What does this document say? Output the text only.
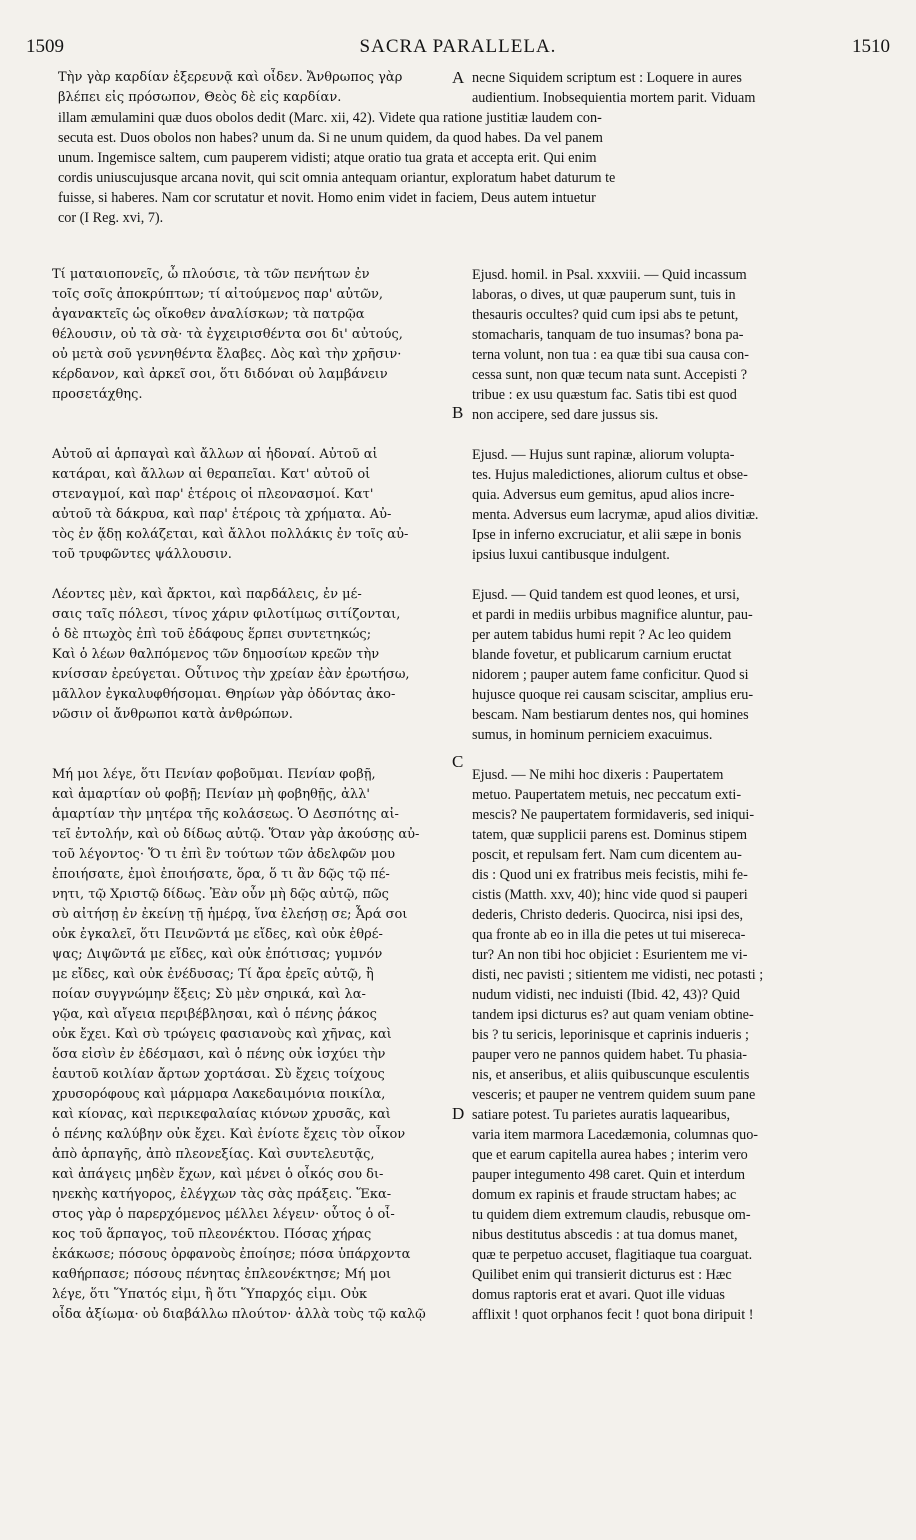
1509	SACRA PARALLELA.	1510
Τὴν γὰρ καρδίαν ἐξερευνᾷ καὶ οἶδεν. Ἄνθρωπος γὰρ	necne Siquidem scriptum est : Loquere in aures
βλέπει εἰς πρόσωπον, Θεὸς δὲ εἰς καρδίαν.	audientium. Inobsequientia mortem parit. Viduam
illam æmulamini quæ duos obolos dedit (Marc. xii, 42). Videte qua ratione justitiæ laudem con-
secuta est. Duos obolos non habes? unum da. Si ne unum quidem, da quod habes. Da vel panem
unum. Ingemisce saltem, cum pauperem vidisti; atque oratio tua grata et accepta erit. Qui enim
cordis uniuscujusque arcana novit, qui scit omnia antequam oriantur, exploratum habet daturum te
fuisse, si haberes. Nam cor scrutatur et novit. Homo enim videt in faciem, Deus autem intuetur
cor (I Reg. xvi, 7).
A
B
C
D
Τί ματαιοπονεῖς, ὦ πλούσιε, τὰ τῶν πενήτων ἐν
τοῖς σοῖς ἀποκρύπτων; τί αἰτούμενος παρ' αὐτῶν,
ἀγανακτεῖς ὡς οἴκοθεν ἀναλίσκων; τὰ πατρῷα
θέλουσιν, οὐ τὰ σὰ· τὰ ἐγχειρισθέντα σοι δι' αὐτούς,
οὐ μετὰ σοῦ γεννηθέντα ἔλαβες. Δὸς καὶ τὴν χρῆσιν·
κέρδανον, καὶ ἀρκεῖ σοι, ὅτι διδόναι οὐ λαμβάνειν
προσετάχθης.
Αὐτοῦ αἱ ἁρπαγαὶ καὶ ἄλλων αἱ ἡδοναί. Αὐτοῦ αἱ
κατάραι, καὶ ἄλλων αἱ θεραπεῖαι. Κατ' αὐτοῦ οἱ
στεναγμοί, καὶ παρ' ἑτέροις οἱ πλεονασμοί. Κατ'
αὐτοῦ τὰ δάκρυα, καὶ παρ' ἑτέροις τὰ χρήματα. Αὐ-
τὸς ἐν ᾅδῃ κολάζεται, καὶ ἄλλοι πολλάκις ἐν τοῖς αὐ-
τοῦ τρυφῶντες ψάλλουσιν.
Λέοντες μὲν, καὶ ἄρκτοι, καὶ παρδάλεις, ἐν μέ-
σαις ταῖς πόλεσι, τίνος χάριν φιλοτίμως σιτίζονται,
ὁ δὲ πτωχὸς ἐπὶ τοῦ ἐδάφους ἕρπει συντετηκώς;
Καὶ ὁ λέων θαλπόμενος τῶν δημοσίων κρεῶν τὴν
κνίσσαν ἐρεύγεται. Οὗτινος τὴν χρείαν ἐὰν ἐρωτήσω,
μᾶλλον ἐγκαλυφθήσομαι. Θηρίων γὰρ ὀδόντας ἀκο-
νῶσιν οἱ ἄνθρωποι κατὰ ἀνθρώπων.
Μή μοι λέγε, ὅτι Πενίαν φοβοῦμαι. Πενίαν φοβῇ,
καὶ ἁμαρτίαν οὐ φοβῇ; Πενίαν μὴ φοβηθῇς, ἀλλ'
ἁμαρτίαν τὴν μητέρα τῆς κολάσεως. Ὁ Δεσπότης αἰ-
τεῖ ἐντολήν, καὶ οὐ δίδως αὐτῷ. Ὅταν γὰρ ἀκούσῃς αὐ-
τοῦ λέγοντος· Ὅ τι ἐπὶ ἓν τούτων τῶν ἀδελφῶν μου
ἐποιήσατε, ἐμοὶ ἐποιήσατε, ὅρα, ὅ τι ἂν δῷς τῷ πέ-
νητι, τῷ Χριστῷ δίδως. Ἐὰν οὖν μὴ δῷς αὐτῷ, πῶς
σὺ αἰτήσῃ ἐν ἐκείνῃ τῇ ἡμέρᾳ, ἵνα ἐλεήσῃ σε; Ἆρά σοι
οὐκ ἐγκαλεῖ, ὅτι Πεινῶντά με εἴδες, καὶ οὐκ ἐθρέ-
ψας; Διψῶντά με εἴδες, καὶ οὐκ ἐπότισας; γυμνόν
με εἴδες, καὶ οὐκ ἐνέδυσας; Τί ἄρα ἐρεῖς αὐτῷ, ἢ
ποίαν συγγνώμην ἕξεις; Σὺ μὲν σηρικά, καὶ λα-
γῷα, καὶ αἴγεια περιβέβλησαι, καὶ ὁ πένης ῥάκος
οὐκ ἔχει. Καὶ σὺ τρώγεις φασιανοὺς καὶ χῆνας, καὶ
ὅσα εἰσὶν ἐν ἐδέσμασι, καὶ ὁ πένης οὐκ ἰσχύει τὴν
ἑαυτοῦ κοιλίαν ἄρτων χορτάσαι. Σὺ ἔχεις τοίχους
χρυσορόφους καὶ μάρμαρα Λακεδαιμόνια ποικίλα,
καὶ κίονας, καὶ περικεφαλαίας κιόνων χρυσᾶς, καὶ
ὁ πένης καλύβην οὐκ ἔχει. Καὶ ἐνίοτε ἔχεις τὸν οἶκον
ἀπὸ ἁρπαγῆς, ἀπὸ πλεονεξίας. Καὶ συντελευτᾷς,
καὶ ἀπάγεις μηδὲν ἔχων, καὶ μένει ὁ οἶκός σου δι-
ηνεκὴς κατήγορος, ἐλέγχων τὰς σὰς πράξεις. Ἕκα-
στος γὰρ ὁ παρερχόμενος μέλλει λέγειν· οὗτος ὁ οἶ-
κος τοῦ ἅρπαγος, τοῦ πλεονέκτου. Πόσας χήρας
ἐκάκωσε; πόσους ὀρφανοὺς ἐποίησε; πόσα ὑπάρχοντα
καθήρπασε; πόσους πένητας ἐπλεονέκτησε; Μή μοι
λέγε, ὅτι Ὕπατός εἰμι, ἢ ὅτι Ὕπαρχός εἰμι. Οὐκ
οἶδα ἀξίωμα· οὐ διαβάλλω πλούτον· ἀλλὰ τοὺς τῷ καλῷ
Ejusd. homil. in Psal. xxxviii. — Quid incassum
laboras, o dives, ut quæ pauperum sunt, tuis in
thesauris occultes? quid cum ipsi abs te petunt,
stomacharis, tanquam de tuo insumas? bona pa-
terna volunt, non tua : ea quæ tibi sua causa con-
cessa sunt, non quæ tecum nata sunt. Accepisti ?
tribue : ex usu quæstum fac. Satis tibi est quod
non accipere, sed dare jussus sis.
Ejusd. — Hujus sunt rapinæ, aliorum volupta-
tes. Hujus maledictiones, aliorum cultus et obse-
quia. Adversus eum gemitus, apud alios incre-
menta. Adversus eum lacrymæ, apud alios divitiæ.
Ipse in inferno excruciatur, et alii sæpe in bonis
ipsius luxui cantibusque indulgent.
Ejusd. — Quid tandem est quod leones, et ursi,
et pardi in mediis urbibus magnifice aluntur, pau-
per autem tabidus humi repit ? Ac leo quidem
blande fovetur, et publicarum carnium eructat
nidorem ; pauper autem fame conficitur. Quod si
hujusce quoque rei causam sciscitar, amplius eru-
bescam. Nam bestiarum dentes nos, qui homines
sumus, in hominum perniciem exacuimus.
Ejusd. — Ne mihi hoc dixeris : Paupertatem
metuo. Paupertatem metuis, nec peccatum exti-
mescis? Ne paupertatem formidaveris, sed iniqui-
tatem, quæ supplicii parens est. Dominus stipem
poscit, et repulsam fert. Nam cum dicentem au-
dis : Quod uni ex fratribus meis fecistis, mihi fe-
cistis (Matth. xxv, 40); hinc vide quod si pauperi
dederis, Christo dederis. Quocirca, nisi ipsi des,
qua fronte ab eo in illa die petes ut tui misereca-
tur? An non tibi hoc objiciet : Esurientem me vi-
disti, nec pavisti ; sitientem me vidisti, nec potasti ;
nudum vidisti, nec induisti (Ibid. 42, 43)? Quid
tandem ipsi dicturus es? aut quam veniam obtine-
bis ? tu sericis, leporinisque et caprinis indueris ;
pauper vero ne pannos quidem habet. Tu phasia-
nis, et anseribus, et aliis quibuscunque esculentis
vesceris; et pauper ne ventrem quidem suum pane
satiare potest. Tu parietes auratis laquearibus,
varia item marmora Lacedæmonia, columnas quo-
que et earum capitella aurea habes ; interim vero
pauper integumento 498 caret. Quin et interdum
domum ex rapinis et fraude structam habes; ac
tu quidem diem extremum claudis, rebusque om-
nibus destitutus abscedis : at tua domus manet,
quæ te perpetuo accuset, flagitiaque tua coarguat.
Quilibet enim qui transierit dicturus est : Hæc
domus raptoris erat et avari. Quot ille viduas
afflixit ! quot orphanos fecit ! quot bona diripuit !
